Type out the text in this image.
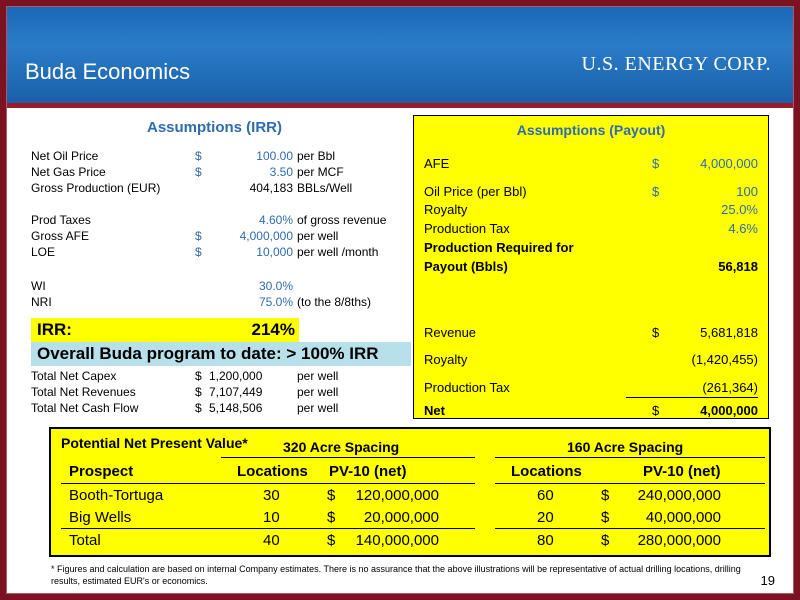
Buda Economics	U.S. ENERGY CORP.
Assumptions (IRR)
Net Oil Price	$	100.00 per Bbl
Net Gas Price	$	3.50 per MCF
Gross Production (EUR)	404,183 BBLs/Well
Prod Taxes	4.60% of gross revenue
Gross AFE	$	4,000,000 per well
LOE	$	10,000 per well /month
WI	30.0%
NRI	75.0% (to the 8/8ths)
IRR:	214%
Overall Buda program to date: > 100% IRR
Total Net Capex	$ 1,200,000	per well
Total Net Revenues	$ 7,107,449	per well
Total Net Cash Flow	$ 5,148,506	per well
Assumptions (Payout)
AFE	$	4,000,000
Oil Price (per Bbl)	$	100
Royalty	25.0%
Production Tax	4.6%
Production Required for
Payout (Bbls)	56,818
Revenue	$	5,681,818
Royalty	(1,420,455)
Production Tax	(261,364)
Net	$	4,000,000
Potential Net Present Value*	320 Acre Spacing	160 Acre Spacing
Prospect	Locations PV-10 (net)	Locations	PV-10 (net)
Booth-Tortuga	30	$ 120,000,000	60	$ 240,000,000
Big Wells	10	$ 20,000,000	20	$ 40,000,000
Total	40	$ 140,000,000	80	$ 280,000,000
* Figures and calculation are based on internal Company estimates. There is no assurance that the above illustrations will be representative of actual drilling locations, drilling results, estimated EUR's or economics.	19
